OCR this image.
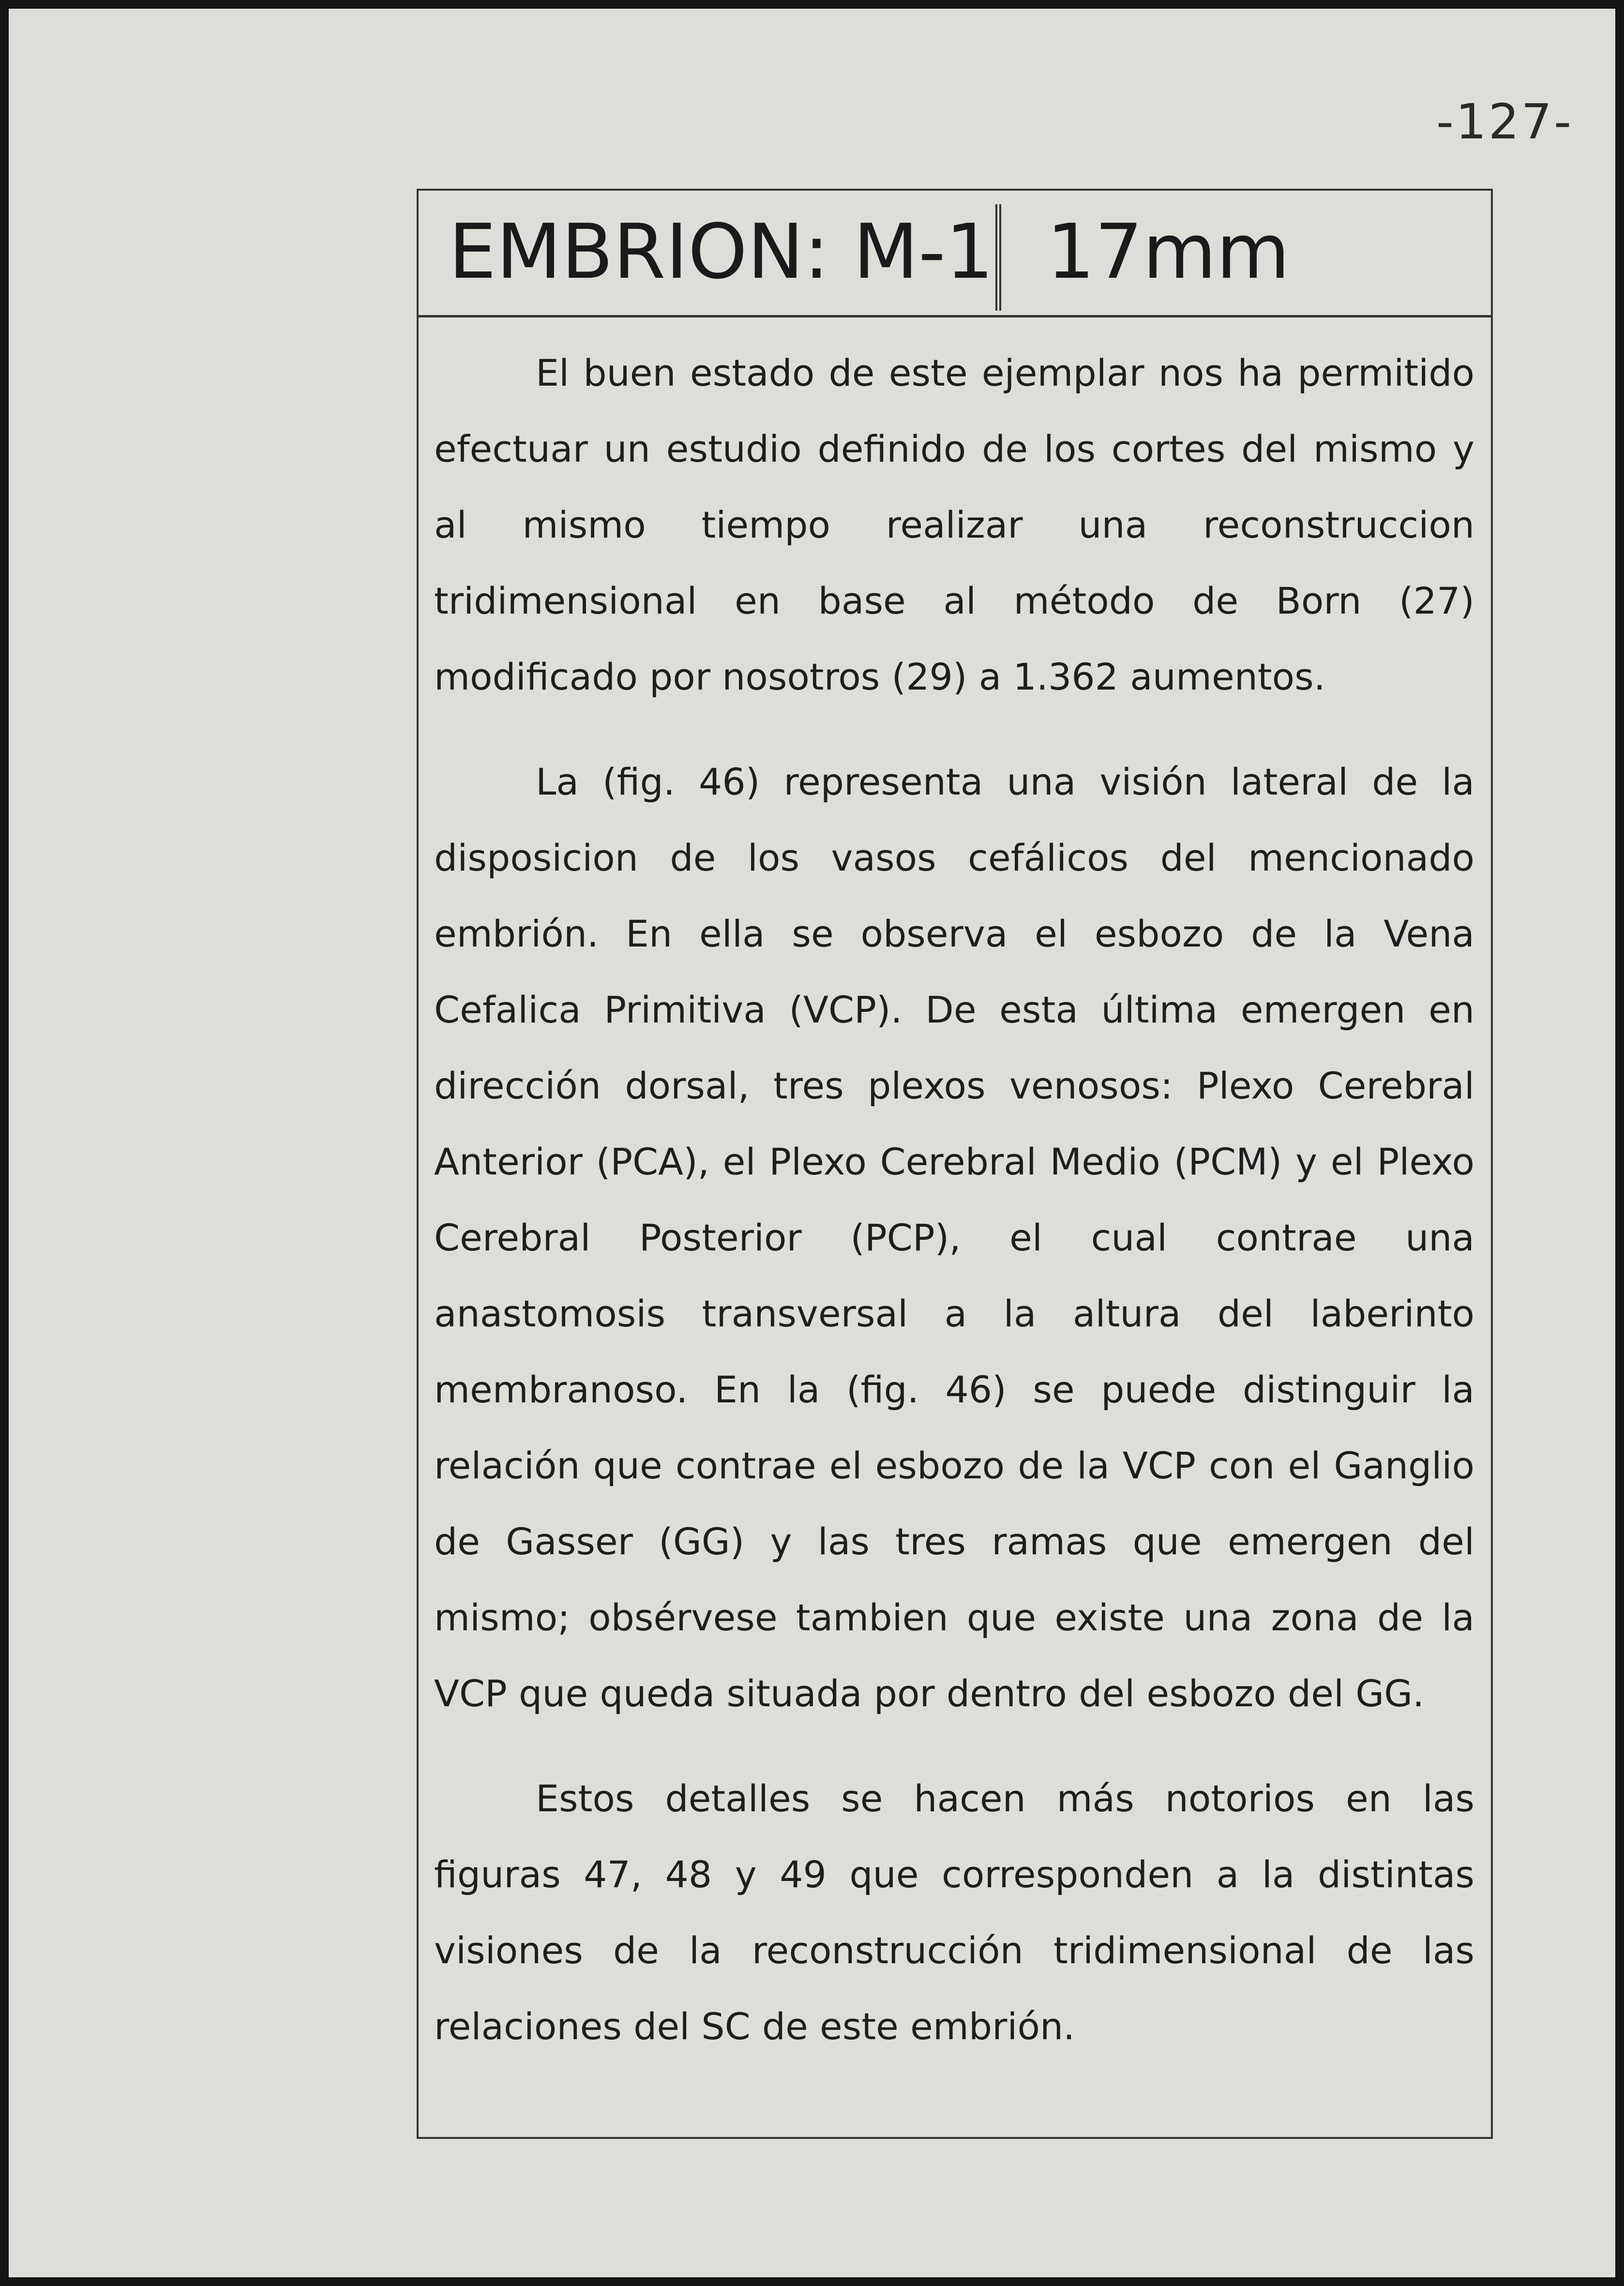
-127-
EMBRION: M-1 17mm

El buen estado de este ejemplar nos ha permitido efectuar un estudio definido de los cortes del mismo y al mismo tiempo realizar una reconstruccion tridimensional en base al método de Born (27) modificado por nosotros (29) a 1.362 aumentos.

La (fig. 46) representa una visión lateral de la disposicion de los vasos cefálicos del mencionado embrión. En ella se observa el esbozo de la Vena Cefalica Primitiva (VCP). De esta última emergen en dirección dorsal, tres plexos venosos: Plexo Cerebral Anterior (PCA), el Plexo Cerebral Medio (PCM) y el Plexo Cerebral Posterior (PCP), el cual contrae una anastomosis transversal a la altura del laberinto membranoso. En la (fig. 46) se puede distinguir la relación que contrae el esbozo de la VCP con el Ganglio de Gasser (GG) y las tres ramas que emergen del mismo; obsérvese tambien que existe una zona de la VCP que queda situada por dentro del esbozo del GG.

Estos detalles se hacen más notorios en las figuras 47, 48 y 49 que corresponden a la distintas visiones de la reconstrucción tridimensional de las relaciones del SC de este embrión.
